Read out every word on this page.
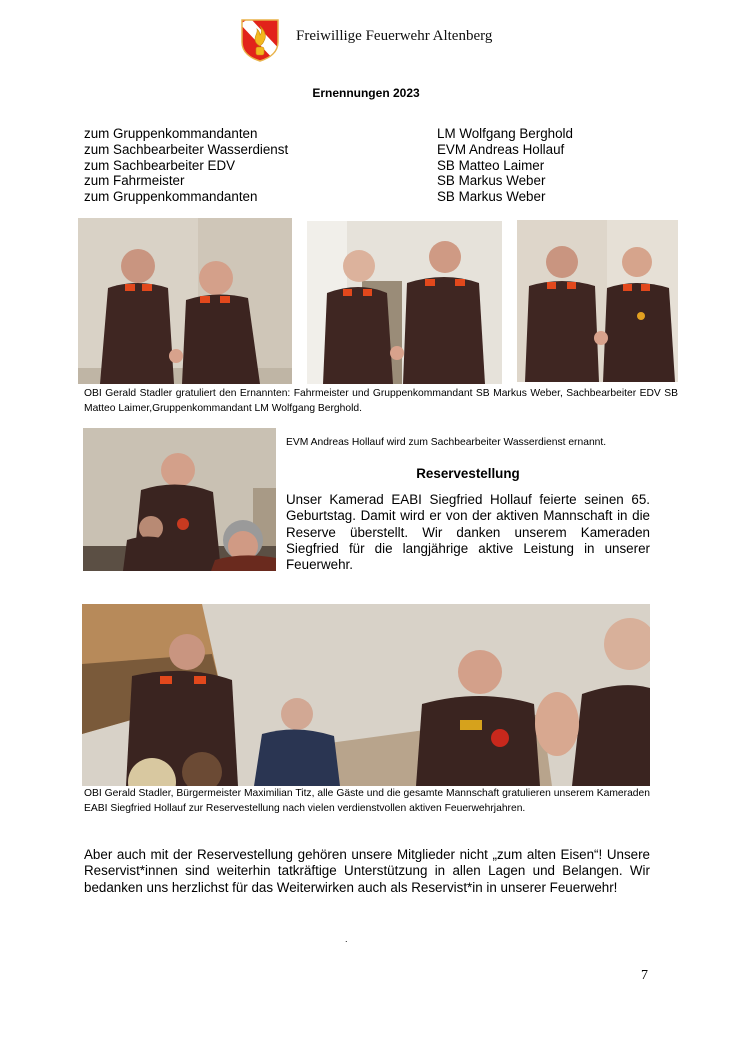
Freiwillige Feuerwehr Altenberg
Ernennungen 2023
zum Gruppenkommandanten
zum Sachbearbeiter Wasserdienst
zum Sachbearbeiter EDV
zum Fahrmeister
zum Gruppenkommandanten
LM Wolfgang Berghold
EVM Andreas Hollauf
SB Matteo Laimer
SB Markus Weber
SB Markus Weber
OBI Gerald Stadler gratuliert den Ernannten: Fahrmeister und Gruppenkommandant SB Markus Weber, Sachbearbeiter EDV SB Matteo Laimer,Gruppenkommandant LM Wolfgang Berghold.
EVM Andreas Hollauf wird zum Sachbearbeiter Wasserdienst ernannt.
Reservestellung
Unser Kamerad EABI Siegfried Hollauf feierte seinen 65. Geburtstag. Damit wird er von der aktiven Mannschaft in die Reserve überstellt. Wir danken unserem Kameraden Siegfried für die langjährige aktive Leistung in unserer Feuerwehr.
OBI Gerald Stadler, Bürgermeister Maximilian Titz, alle Gäste und die gesamte Mannschaft gratulieren unserem Kameraden EABI Siegfried Hollauf zur Reservestellung nach vielen verdienstvollen aktiven Feuerwehrjahren.
Aber auch mit der Reservestellung gehören unsere Mitglieder nicht „zum alten Eisen“! Unsere Reservist*innen sind weiterhin tatkräftige Unterstützung in allen Lagen und Belangen. Wir bedanken uns herzlichst für das Weiterwirken auch als Reservist*in in unserer Feuerwehr!
.
7
